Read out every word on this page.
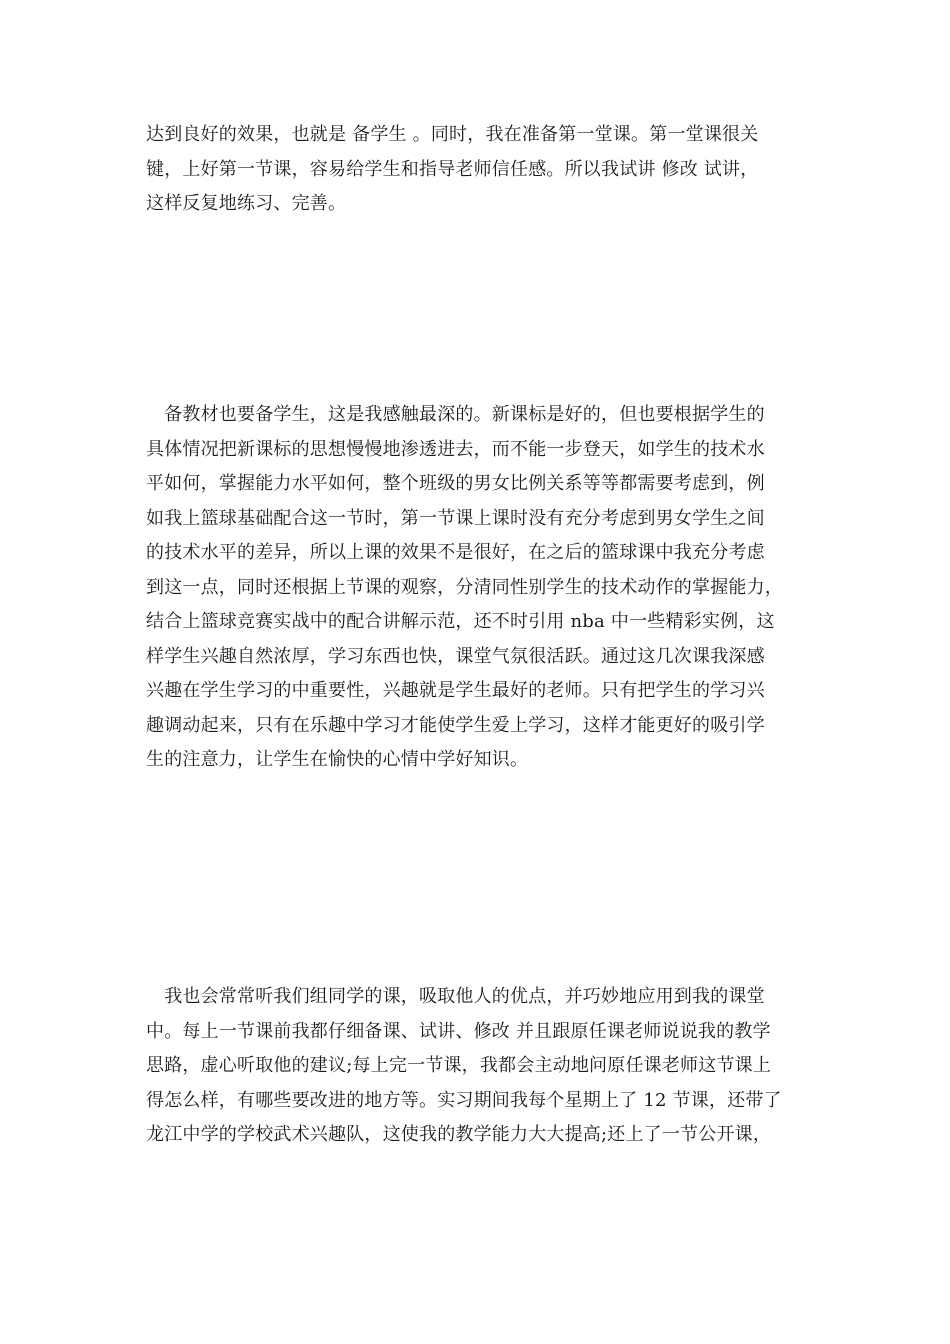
达到良好的效果，也就是 备学生 。同时，我在准备第一堂课。第一堂课很关
键，上好第一节课，容易给学生和指导老师信任感。所以我试讲 修改 试讲，
这样反复地练习、完善。

　备教材也要备学生，这是我感触最深的。新课标是好的，但也要根据学生的
具体情况把新课标的思想慢慢地渗透进去，而不能一步登天，如学生的技术水
平如何，掌握能力水平如何，整个班级的男女比例关系等等都需要考虑到，例
如我上篮球基础配合这一节时，第一节课上课时没有充分考虑到男女学生之间
的技术水平的差异，所以上课的效果不是很好，在之后的篮球课中我充分考虑
到这一点，同时还根据上节课的观察，分清同性别学生的技术动作的掌握能力，
结合上篮球竞赛实战中的配合讲解示范，还不时引用 nba 中一些精彩实例，这
样学生兴趣自然浓厚，学习东西也快，课堂气氛很活跃。通过这几次课我深感
兴趣在学生学习的中重要性，兴趣就是学生最好的老师。只有把学生的学习兴
趣调动起来，只有在乐趣中学习才能使学生爱上学习，这样才能更好的吸引学
生的注意力，让学生在愉快的心情中学好知识。

　我也会常常听我们组同学的课，吸取他人的优点，并巧妙地应用到我的课堂
中。每上一节课前我都仔细备课、试讲、修改 并且跟原任课老师说说我的教学
思路，虚心听取他的建议;每上完一节课，我都会主动地问原任课老师这节课上
得怎么样，有哪些要改进的地方等。实习期间我每个星期上了 12 节课，还带了
龙江中学的学校武术兴趣队，这使我的教学能力大大提高;还上了一节公开课，
